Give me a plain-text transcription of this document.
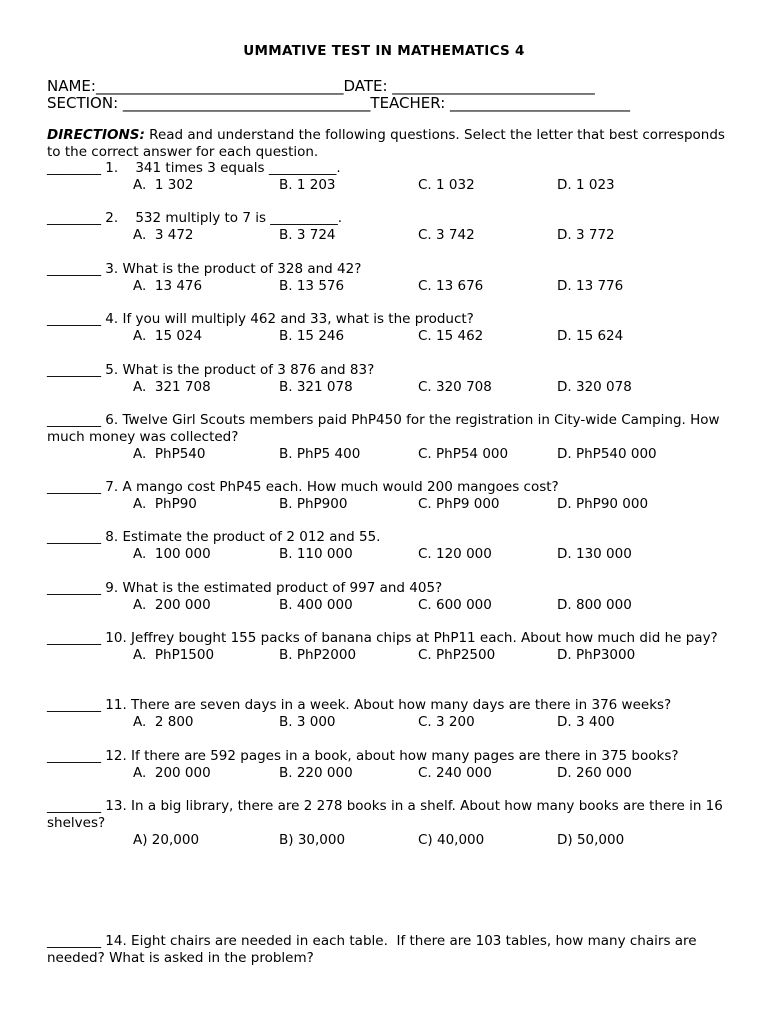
UMMATIVE TEST IN MATHEMATICS 4
NAME:_________________________________DATE: ___________________________
SECTION: _________________________________TEACHER: ________________________
DIRECTIONS: Read and understand the following questions. Select the letter that best corresponds to the correct answer for each question.
________ 1.    341 times 3 equals __________.
A.  1 302	B. 1 203	C. 1 032	D. 1 023
________ 2.    532 multiply to 7 is __________.
A.  3 472	B. 3 724	C. 3 742	D. 3 772
________ 3. What is the product of 328 and 42?
A.  13 476	B. 13 576	C. 13 676	D. 13 776
________ 4. If you will multiply 462 and 33, what is the product?
A.  15 024	B. 15 246	C. 15 462	D. 15 624
________ 5. What is the product of 3 876 and 83?
A.  321 708	B. 321 078	C. 320 708	D. 320 078
________ 6. Twelve Girl Scouts members paid PhP450 for the registration in City-wide Camping. How much money was collected?
A.  PhP540	B. PhP5 400	C. PhP54 000	D. PhP540 000
________ 7. A mango cost PhP45 each. How much would 200 mangoes cost?
A.  PhP90	B. PhP900	C. PhP9 000	D. PhP90 000
________ 8. Estimate the product of 2 012 and 55.
A.  100 000	B. 110 000	C. 120 000	D. 130 000
________ 9. What is the estimated product of 997 and 405?
A.  200 000	B. 400 000	C. 600 000	D. 800 000
________ 10. Jeffrey bought 155 packs of banana chips at PhP11 each. About how much did he pay?
A.  PhP1500	B. PhP2000	C. PhP2500	D. PhP3000
________ 11. There are seven days in a week. About how many days are there in 376 weeks?
A.  2 800	B. 3 000	C. 3 200	D. 3 400
________ 12. If there are 592 pages in a book, about how many pages are there in 375 books?
A.  200 000	B. 220 000	C. 240 000	D. 260 000
________ 13. In a big library, there are 2 278 books in a shelf. About how many books are there in 16 shelves?
A) 20,000	B) 30,000	C) 40,000	D) 50,000
________ 14. Eight chairs are needed in each table.  If there are 103 tables, how many chairs are needed? What is asked in the problem?
